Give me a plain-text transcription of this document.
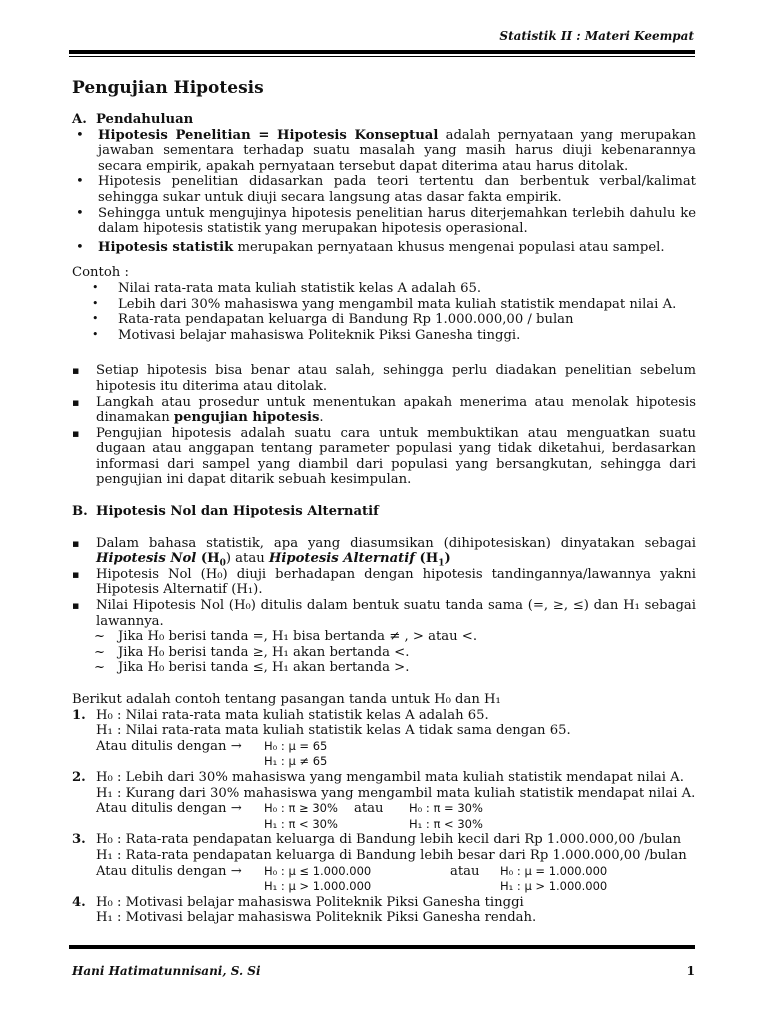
Statistik II : Materi Keempat
Pengujian Hipotesis

A. Pendahuluan

• Hipotesis Penelitian = Hipotesis Konseptual adalah pernyataan yang merupakan jawaban sementara terhadap suatu masalah yang masih harus diuji kebenarannya secara empirik, apakah pernyataan tersebut dapat diterima atau harus ditolak.
• Hipotesis penelitian didasarkan pada teori tertentu dan berbentuk verbal/kalimat sehingga sukar untuk diuji secara langsung atas dasar fakta empirik.
• Sehingga untuk mengujinya hipotesis penelitian harus diterjemahkan terlebih dahulu ke dalam hipotesis statistik yang merupakan hipotesis operasional.
• Hipotesis statistik merupakan pernyataan khusus mengenai populasi atau sampel.
Contoh :
• Nilai rata-rata mata kuliah statistik kelas A adalah 65.
• Lebih dari 30% mahasiswa yang mengambil mata kuliah statistik mendapat nilai A.
• Rata-rata pendapatan keluarga di Bandung Rp 1.000.000,00 / bulan
• Motivasi belajar mahasiswa Politeknik Piksi Ganesha tinggi.
▪ Setiap hipotesis bisa benar atau salah, sehingga perlu diadakan penelitian sebelum hipotesis itu diterima atau ditolak.
▪ Langkah atau prosedur untuk menentukan apakah menerima atau menolak hipotesis dinamakan pengujian hipotesis.
▪ Pengujian hipotesis adalah suatu cara untuk membuktikan atau menguatkan suatu dugaan atau anggapan tentang parameter populasi yang tidak diketahui, berdasarkan informasi dari sampel yang diambil dari populasi yang bersangkutan, sehingga dari pengujian ini dapat ditarik sebuah kesimpulan.

B. Hipotesis Nol dan Hipotesis Alternatif

▪ Dalam bahasa statistik, apa yang diasumsikan (dihipotesiskan) dinyatakan sebagai Hipotesis Nol $(H_0)$ atau Hipotesis Alternatif $(H_1)$
▪ Hipotesis Nol (H₀) diuji berhadapan dengan hipotesis tandingannya/lawannya yakni Hipotesis Alternatif (H₁).
▪ Nilai Hipotesis Nol (H₀) ditulis dalam bentuk suatu tanda sama (=, ≥, ≤) dan H₁ sebagai lawannya.
~ Jika H₀ berisi tanda =, H₁ bisa bertanda ≠ , > atau <.
~ Jika H₀ berisi tanda ≥, H₁ akan bertanda <.
~ Jika H₀ berisi tanda ≤, H₁ akan bertanda >.
Berikut adalah contoh tentang pasangan tanda untuk H₀ dan H₁
1. H₀ : Nilai rata-rata mata kuliah statistik kelas A adalah 65.
H₁ : Nilai rata-rata mata kuliah statistik kelas A tidak sama dengan 65.
Atau ditulis dengan → H₀ : μ = 65
H₁ : μ ≠ 65
2. H₀ : Lebih dari 30% mahasiswa yang mengambil mata kuliah statistik mendapat nilai A.
H₁ : Kurang dari 30% mahasiswa yang mengambil mata kuliah statistik mendapat nilai A.
Atau ditulis dengan → H₀ : π ≥ 30% atau H₀ : π = 30%
H₁ : π < 30%	H₁ : π < 30%
3. H₀ : Rata-rata pendapatan keluarga di Bandung lebih kecil dari Rp 1.000.000,00 /bulan
H₁ : Rata-rata pendapatan keluarga di Bandung lebih besar dari Rp 1.000.000,00 /bulan
Atau ditulis dengan → H₀ : μ ≤ 1.000.000	atau H₀ : μ = 1.000.000
H₁ : μ > 1.000.000	H₁ : μ > 1.000.000
4. H₀ : Motivasi belajar mahasiswa Politeknik Piksi Ganesha tinggi
H₁ : Motivasi belajar mahasiswa Politeknik Piksi Ganesha rendah.
Hani Hatimatunnisani, S. Si	1
